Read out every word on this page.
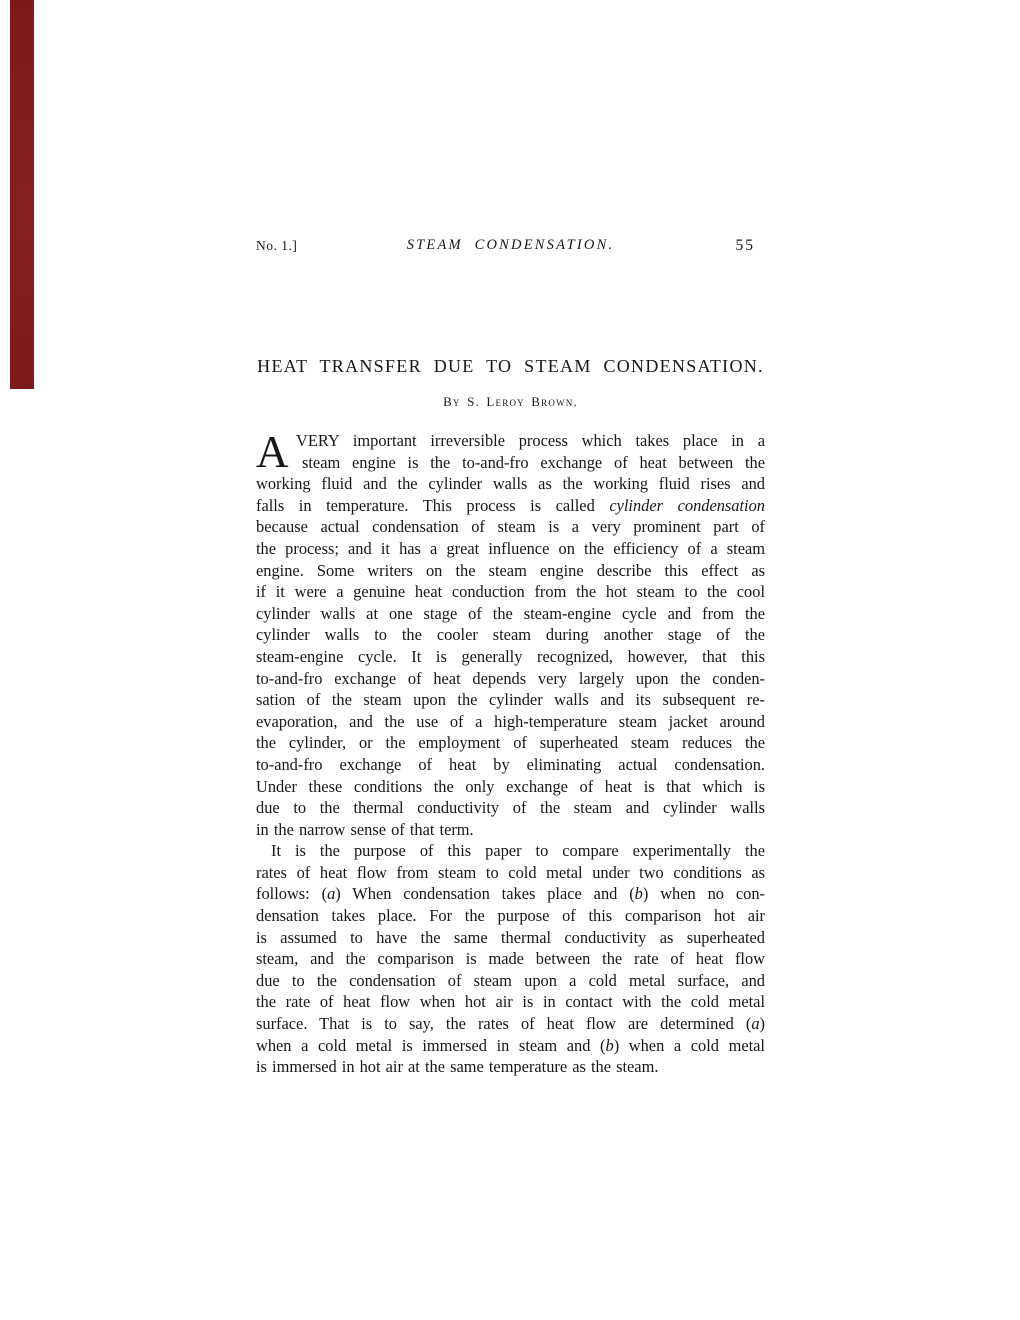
No. 1.]	STEAM CONDENSATION.	55
HEAT TRANSFER DUE TO STEAM CONDENSATION.
By S. Leroy Brown.
A VERY important irreversible process which takes place in a
steam engine is the to-and-fro exchange of heat between the
working fluid and the cylinder walls as the working fluid rises and
falls in temperature. This process is called cylinder condensation
because actual condensation of steam is a very prominent part of
the process; and it has a great influence on the efficiency of a steam
engine. Some writers on the steam engine describe this effect as
if it were a genuine heat conduction from the hot steam to the cool
cylinder walls at one stage of the steam-engine cycle and from the
cylinder walls to the cooler steam during another stage of the
steam-engine cycle. It is generally recognized, however, that this
to-and-fro exchange of heat depends very largely upon the conden-
sation of the steam upon the cylinder walls and its subsequent re-
evaporation, and the use of a high-temperature steam jacket around
the cylinder, or the employment of superheated steam reduces the
to-and-fro exchange of heat by eliminating actual condensation.
Under these conditions the only exchange of heat is that which is
due to the thermal conductivity of the steam and cylinder walls
in the narrow sense of that term.
It is the purpose of this paper to compare experimentally the
rates of heat flow from steam to cold metal under two conditions as
follows: (a) When condensation takes place and (b) when no con-
densation takes place. For the purpose of this comparison hot air
is assumed to have the same thermal conductivity as superheated
steam, and the comparison is made between the rate of heat flow
due to the condensation of steam upon a cold metal surface, and
the rate of heat flow when hot air is in contact with the cold metal
surface. That is to say, the rates of heat flow are determined (a)
when a cold metal is immersed in steam and (b) when a cold metal
is immersed in hot air at the same temperature as the steam.
